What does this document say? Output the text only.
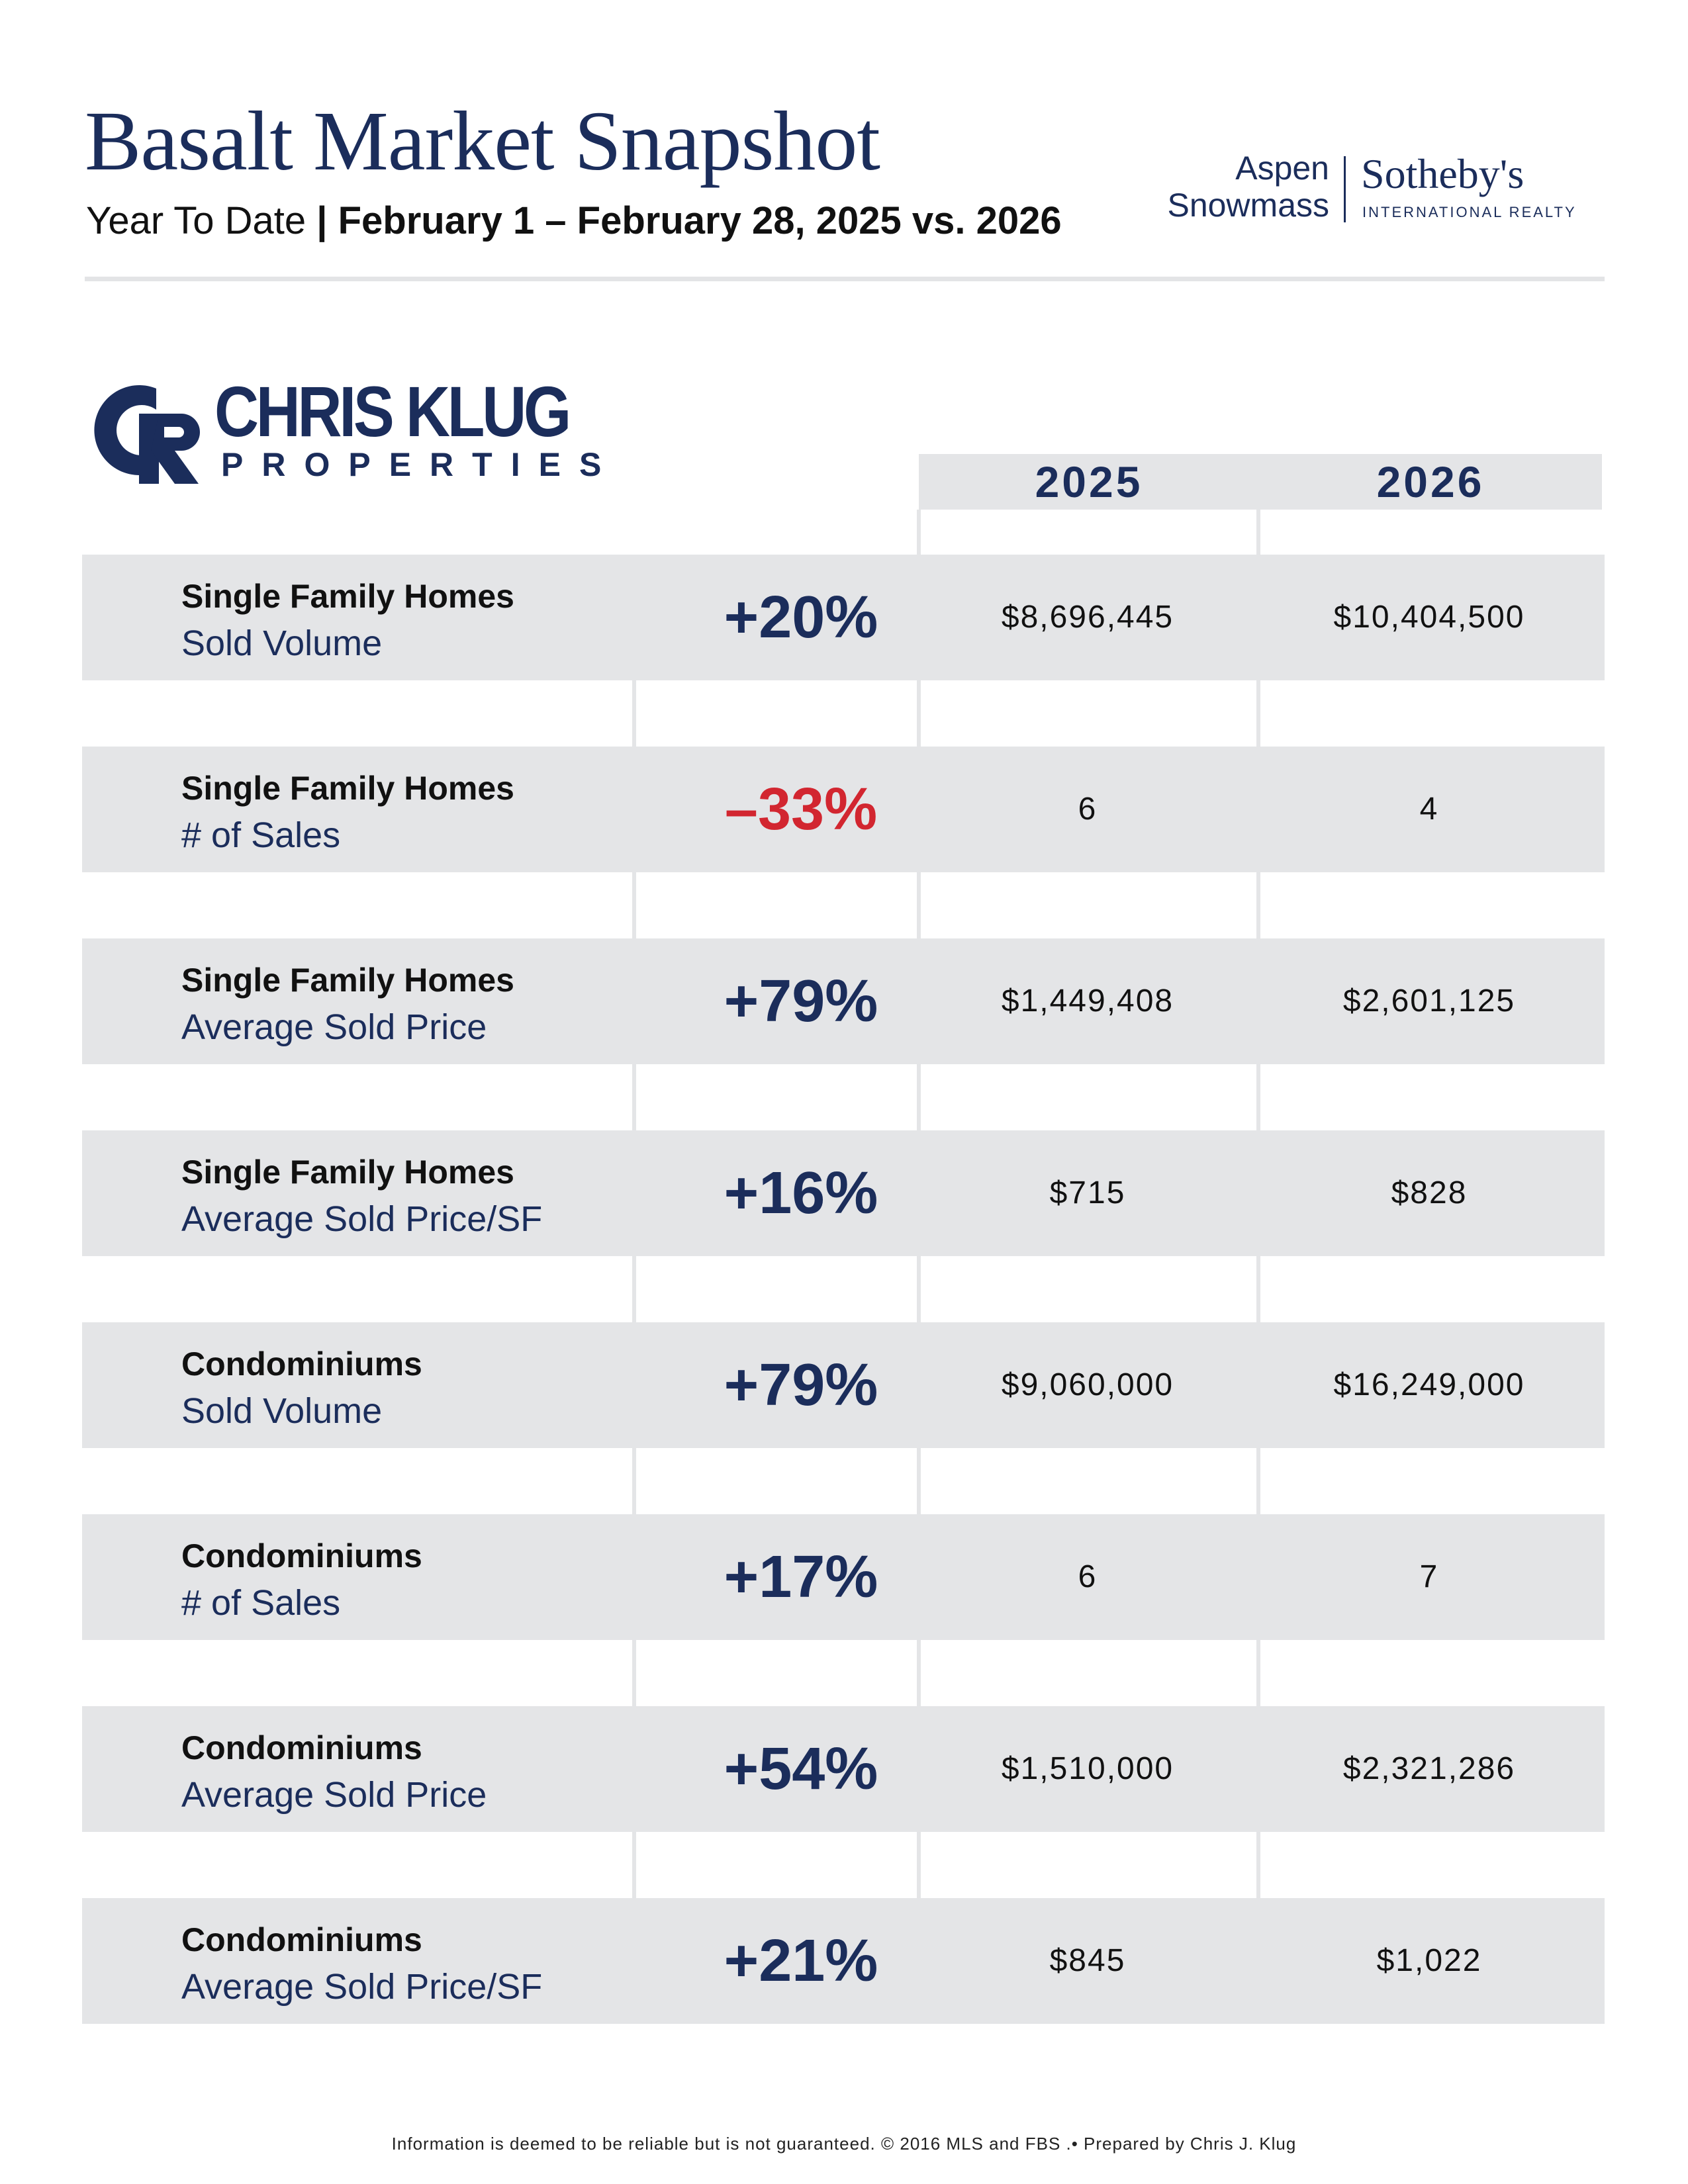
Basalt Market Snapshot
Year To Date | February 1 – February 28, 2025 vs. 2026
Aspen
Snowmass
Sotheby's
INTERNATIONAL REALTY
CHRIS KLUG
PROPERTIES	2025	2026
Single Family Homes
Sold Volume	+20%	$8,696,445	$10,404,500
Single Family Homes
# of Sales	–33%	6	4
Single Family Homes
Average Sold Price	+79%	$1,449,408	$2,601,125
Single Family Homes
Average Sold Price/SF	+16%	$715	$828
Condominiums
Sold Volume	+79%	$9,060,000	$16,249,000
Condominiums
# of Sales	+17%	6	7
Condominiums
Average Sold Price	+54%	$1,510,000	$2,321,286
Condominiums
Average Sold Price/SF	+21%	$845	$1,022
Information is deemed to be reliable but is not guaranteed. © 2016 MLS and FBS .• Prepared by Chris J. Klug
